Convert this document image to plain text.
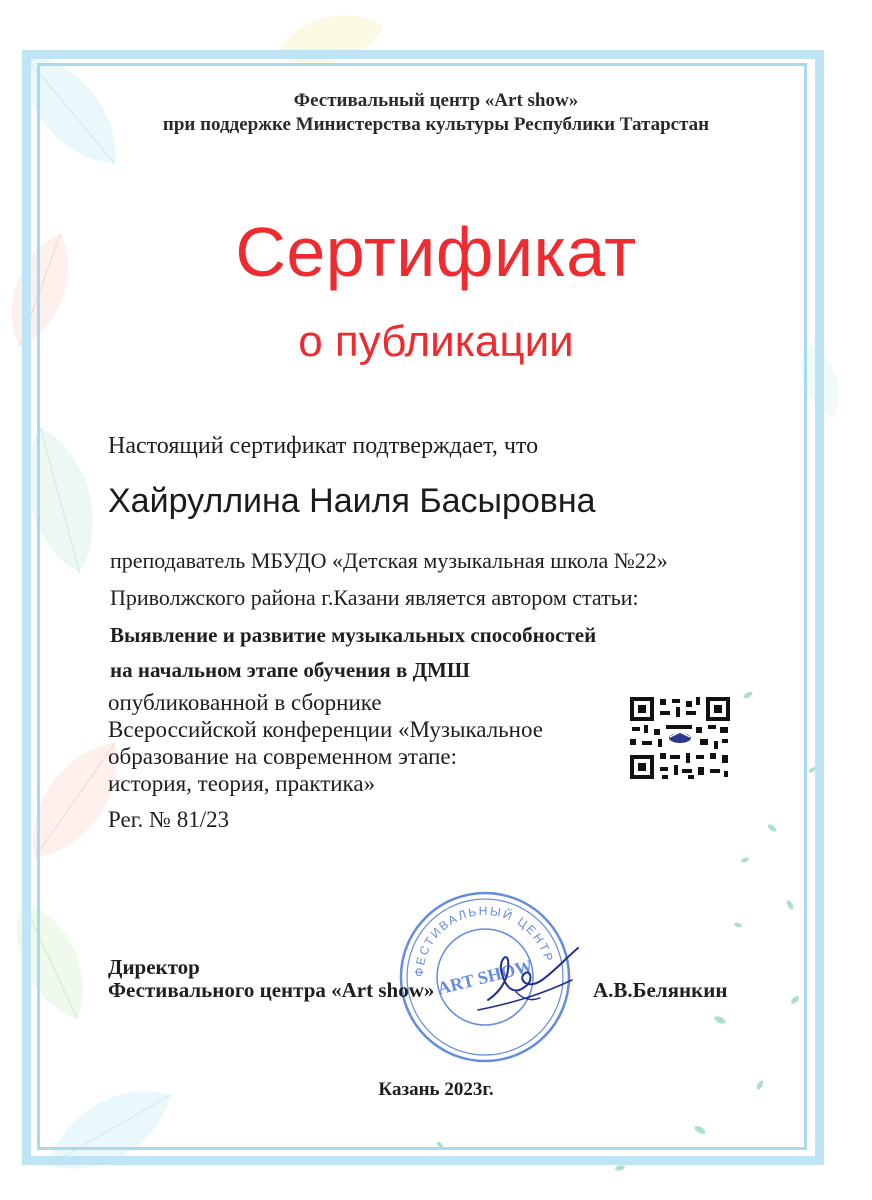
Фестивальный центр «Art show»

при поддержке Министерства культуры Республики Татарстан

Сертификат

о публикации

Настоящий сертификат подтверждает, что

Хайруллина Наиля Басыровна

преподаватель МБУДО «Детская музыкальная школа №22»

Приволжского района г.Казани является автором статьи:

Выявление и развитие музыкальных способностей

на начальном этапе обучения в ДМШ

опубликованной в сборнике

Всероссийской конференции «Музыкальное

образование на современном этапе:

история, теория, практика»

Рег. № 81/23

ФЕСТИВАЛЬНЫЙ ЦЕНТР
ART SHOW

Директор

Фестивального центра «Art show»	А.В.Белянкин

Казань 2023г.
